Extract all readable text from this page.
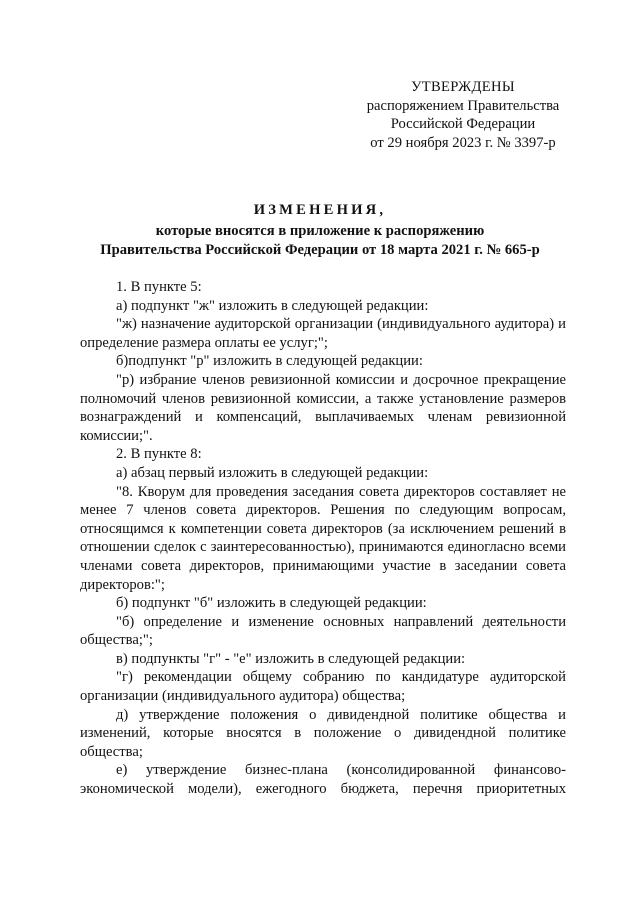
УТВЕРЖДЕНЫ
распоряжением Правительства
Российской Федерации
от 29 ноября 2023 г. № 3397-р
ИЗМЕНЕНИЯ,
которые вносятся в приложение к распоряжению
Правительства Российской Федерации от 18 марта 2021 г. № 665-р

1. В пункте 5:

а) подпункт "ж" изложить в следующей редакции:

"ж) назначение аудиторской организации (индивидуального аудитора) и определение размера оплаты ее услуг;";

б)подпункт "р" изложить в следующей редакции:

"р) избрание членов ревизионной комиссии и досрочное прекращение полномочий членов ревизионной комиссии, а также установление размеров вознаграждений и компенсаций, выплачиваемых членам ревизионной комиссии;".

2. В пункте 8:

а) абзац первый изложить в следующей редакции:

"8. Кворум для проведения заседания совета директоров составляет не менее 7 членов совета директоров. Решения по следующим вопросам, относящимся к компетенции совета директоров (за исключением решений в отношении сделок с заинтересованностью), принимаются единогласно всеми членами совета директоров, принимающими участие в заседании совета директоров:";

б) подпункт "б" изложить в следующей редакции:

"б) определение и изменение основных направлений деятельности общества;";

в) подпункты "г" - "е" изложить в следующей редакции:

"г) рекомендации общему собранию по кандидатуре аудиторской организации (индивидуального аудитора) общества;

д) утверждение положения о дивидендной политике общества и изменений, которые вносятся в положение о дивидендной политике общества;

е) утверждение бизнес-плана (консолидированной финансово-экономической модели), ежегодного бюджета, перечня приоритетных
